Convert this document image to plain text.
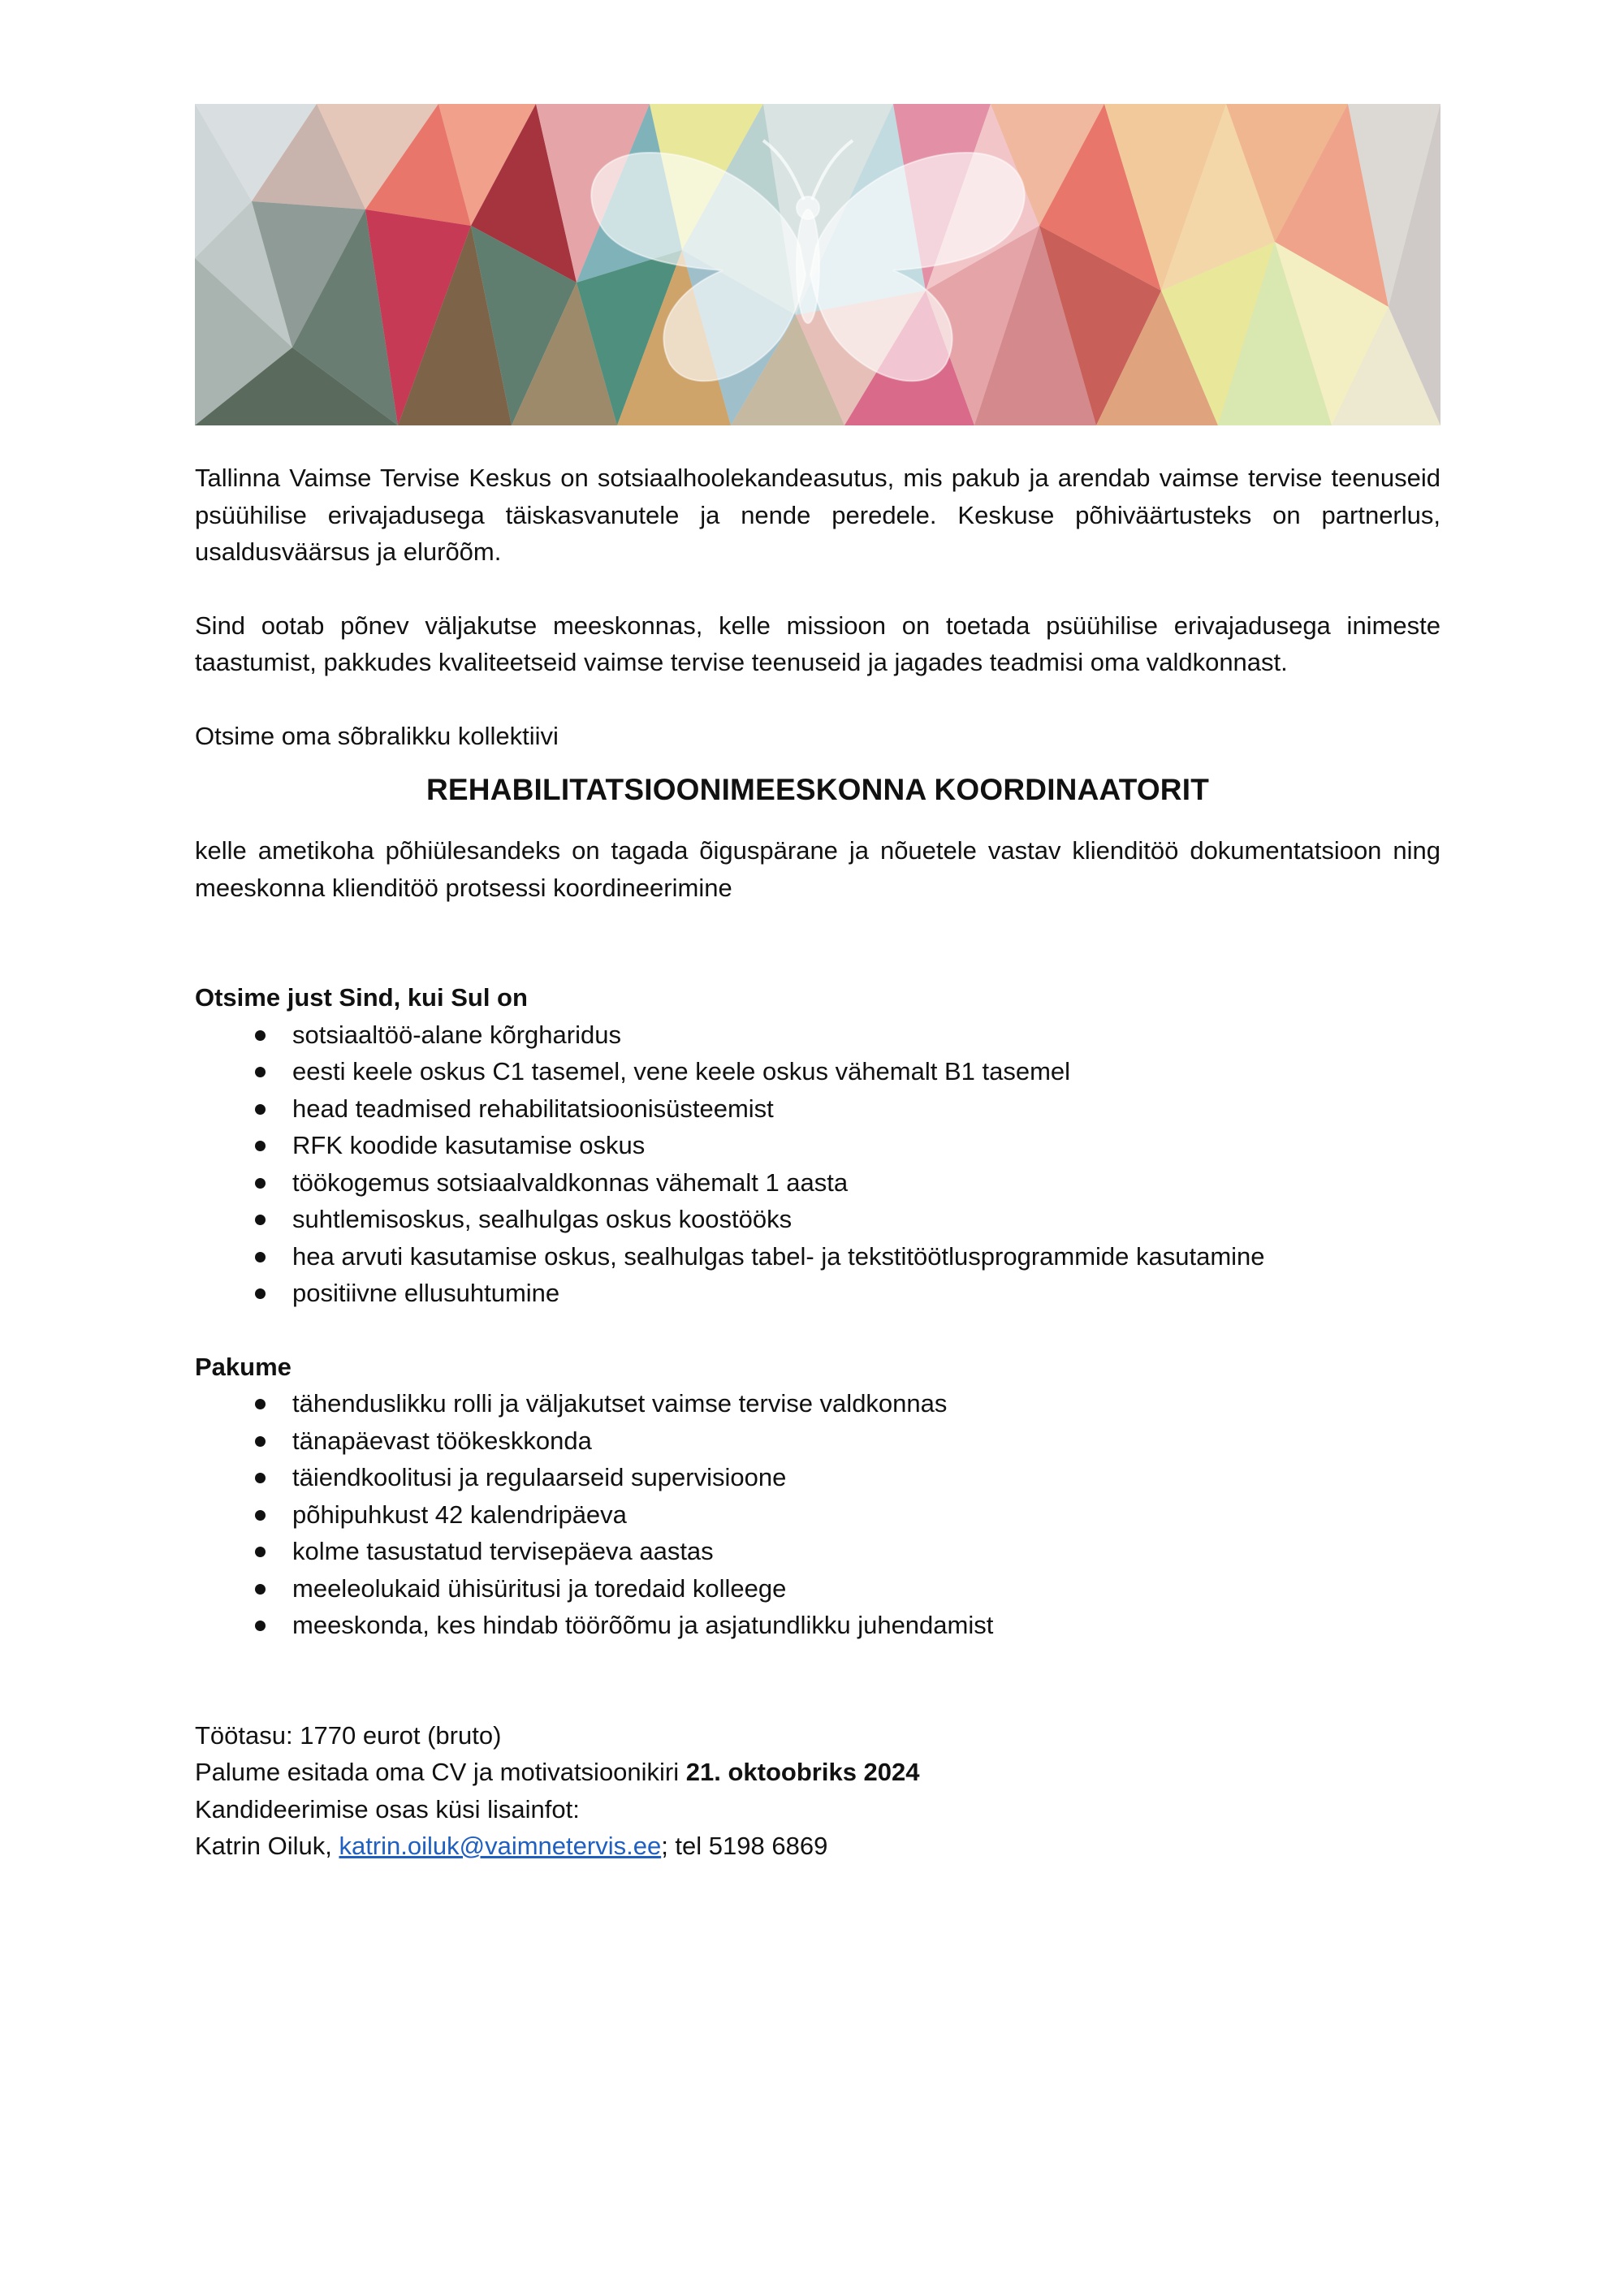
Tallinna Vaimse Tervise Keskus on sotsiaalhoolekandeasutus, mis pakub ja arendab vaimse tervise teenuseid psüühilise erivajadusega täiskasvanutele ja nende peredele. Keskuse põhiväärtusteks on partnerlus, usaldusväärsus ja elurõõm.

Sind ootab põnev väljakutse meeskonnas, kelle missioon on toetada psüühilise erivajadusega inimeste taastumist, pakkudes kvaliteetseid vaimse tervise teenuseid ja jagades teadmisi oma valdkonnast.

Otsime oma sõbralikku kollektiivi

REHABILITATSIOONIMEESKONNA KOORDINAATORIT

kelle ametikoha põhiülesandeks on tagada õiguspärane ja nõuetele vastav klienditöö dokumentatsioon ning meeskonna klienditöö protsessi koordineerimine

Otsime just Sind, kui Sul on

sotsiaaltöö-alane kõrgharidus
eesti keele oskus C1 tasemel, vene keele oskus vähemalt B1 tasemel
head teadmised rehabilitatsioonisüsteemist
RFK koodide kasutamise oskus
töökogemus sotsiaalvaldkonnas vähemalt 1 aasta
suhtlemisoskus, sealhulgas oskus koostööks
hea arvuti kasutamise oskus, sealhulgas tabel- ja tekstitöötlusprogrammide kasutamine
positiivne ellusuhtumine

Pakume

tähenduslikku rolli ja väljakutset vaimse tervise valdkonnas
tänapäevast töökeskkonda
täiendkoolitusi ja regulaarseid supervisioone
põhipuhkust 42 kalendripäeva
kolme tasustatud tervisepäeva aastas
meeleolukaid ühisüritusi ja toredaid kolleege
meeskonda, kes hindab töörõõmu ja asjatundlikku juhendamist

Töötasu: 1770 eurot (bruto)

Palume esitada oma CV ja motivatsioonikiri 21. oktoobriks 2024

Kandideerimise osas küsi lisainfot:

Katrin Oiluk, katrin.oiluk@vaimnetervis.ee; tel 5198 6869
